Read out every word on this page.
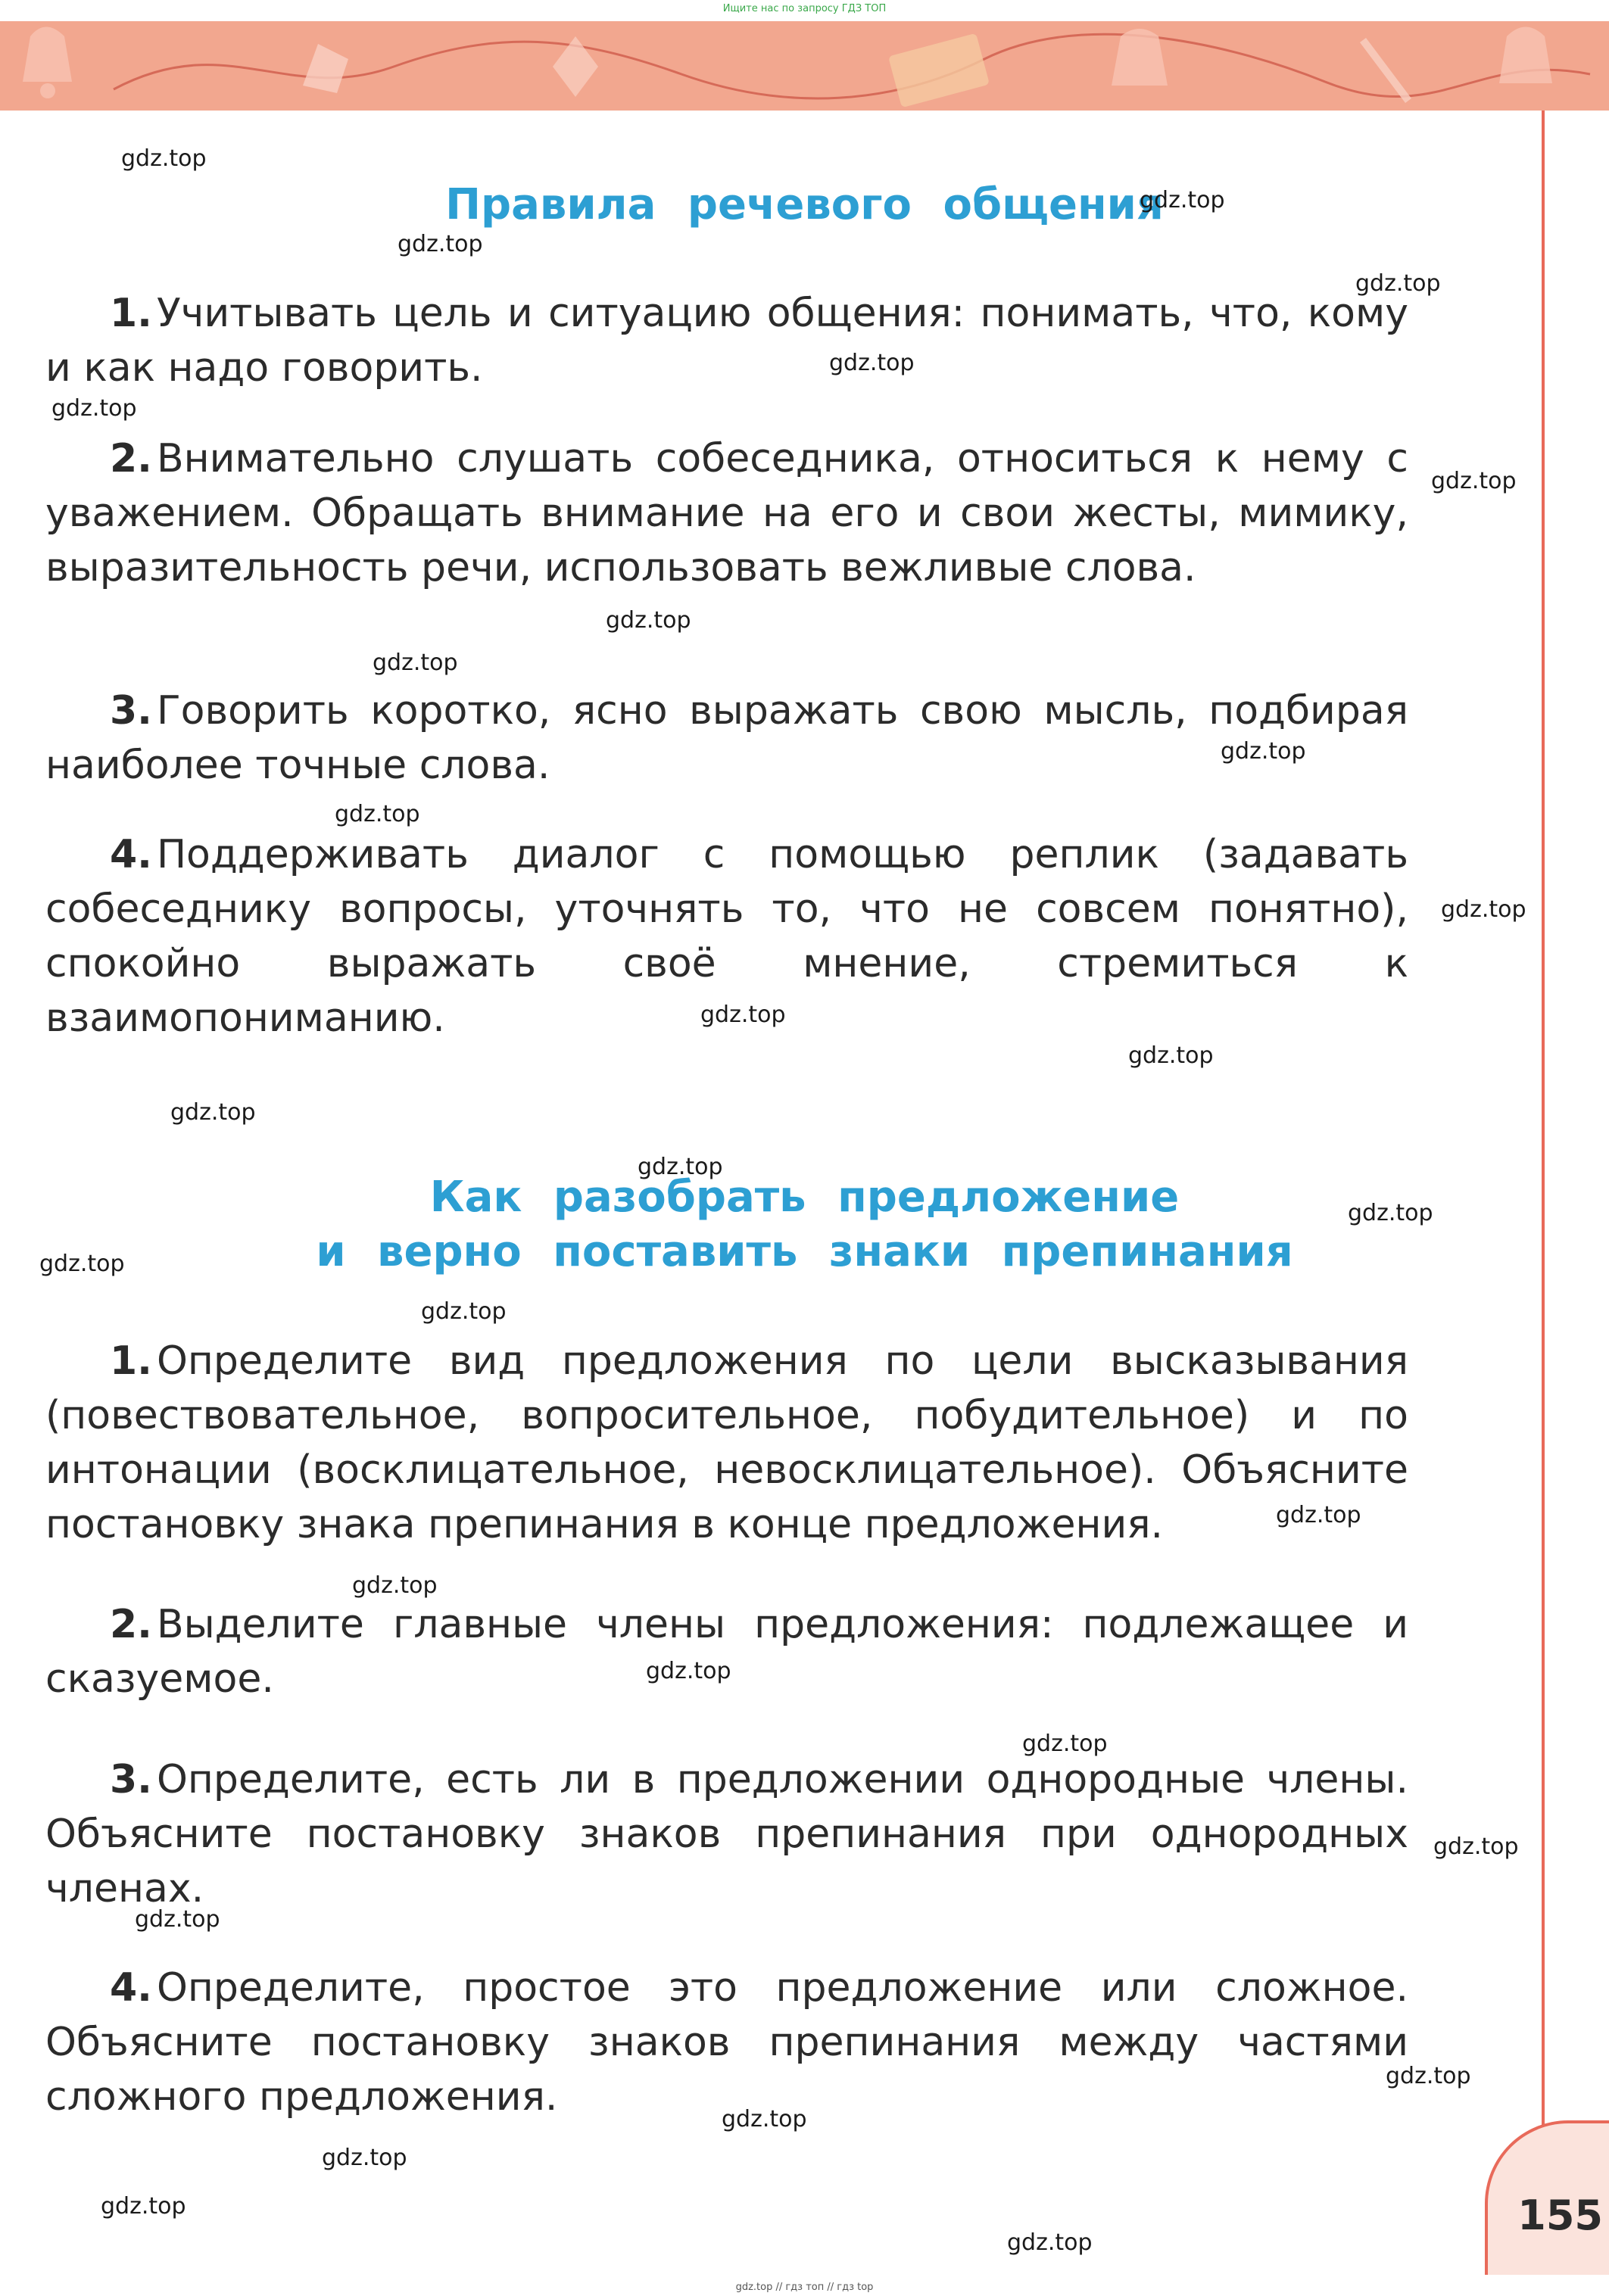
Ищите нас по запросу ГДЗ ТОП
Правила речевого общения

1. Учитывать цель и ситуацию общения: понимать, что, кому и как надо говорить.

2. Внимательно слушать собеседника, относиться к нему с уважением. Обращать внимание на его и свои жесты, мимику, выразительность речи, использовать вежливые слова.

3. Говорить коротко, ясно выражать свою мысль, подбирая наиболее точные слова.

4. Поддерживать диалог с помощью реплик (задавать собеседнику вопросы, уточнять то, что не совсем понятно), спокойно выражать своё мнение, стремиться к взаимопониманию.

Как разобрать предложение
и верно поставить знаки препинания

1. Определите вид предложения по цели высказывания (повествовательное, вопросительное, побудительное) и по интонации (восклицательное, невосклицательное). Объясните постановку знака препинания в конце предложения.

2. Выделите главные члены предложения: подлежащее и сказуемое.

3. Определите, есть ли в предложении однородные члены. Объясните постановку знаков препинания при однородных членах.

4. Определите, простое это предложение или сложное. Объясните постановку знаков препинания между частями сложного предложения.

gdz.top
gdz.top
gdz.top
gdz.top
gdz.top
gdz.top
gdz.top
gdz.top
gdz.top
gdz.top
gdz.top
gdz.top
gdz.top
gdz.top
gdz.top
gdz.top
gdz.top
gdz.top
gdz.top
gdz.top
gdz.top
gdz.top
gdz.top
gdz.top
gdz.top
gdz.top
gdz.top
gdz.top
gdz.top
gdz.top
155
gdz.top // гдз топ // гдз top
